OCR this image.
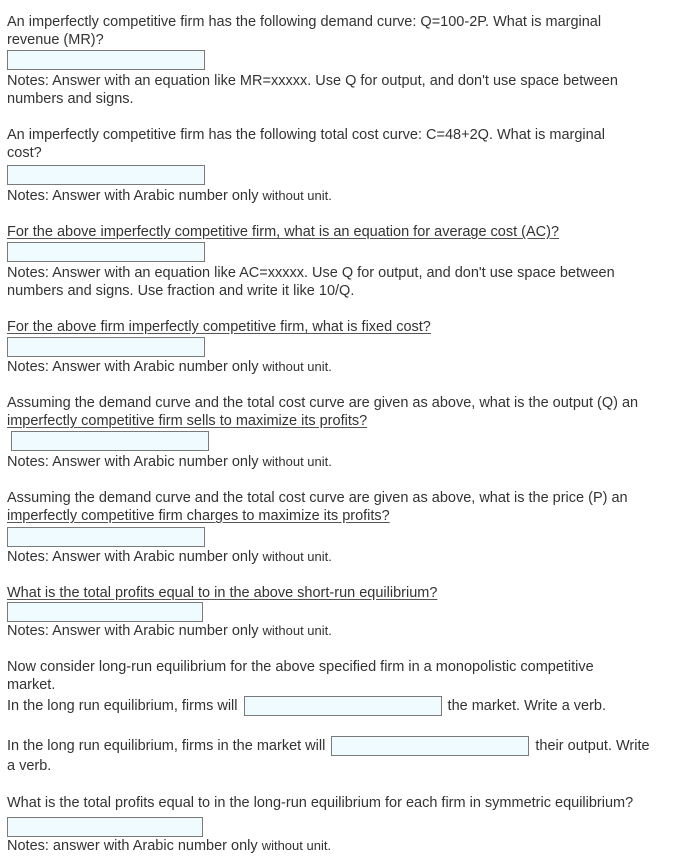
An imperfectly competitive firm has the following demand curve: Q=100-2P. What is marginal
revenue (MR)?

Notes: Answer with an equation like MR=xxxxx. Use Q for output, and don't use space between
numbers and signs.

An imperfectly competitive firm has the following total cost curve: C=48+2Q. What is marginal
cost?

Notes: Answer with Arabic number only without unit.

For the above imperfectly competitive firm, what is an equation for average cost (AC)?

Notes: Answer with an equation like AC=xxxxx. Use Q for output, and don't use space between
numbers and signs. Use fraction and write it like 10/Q.

For the above firm imperfectly competitive firm, what is fixed cost?

Notes: Answer with Arabic number only without unit.

Assuming the demand curve and the total cost curve are given as above, what is the output (Q) an
imperfectly competitive firm sells to maximize its profits?

Notes: Answer with Arabic number only without unit.

Assuming the demand curve and the total cost curve are given as above, what is the price (P) an
imperfectly competitive firm charges to maximize its profits?

Notes: Answer with Arabic number only without unit.

What is the total profits equal to in the above short-run equilibrium?

Notes: Answer with Arabic number only without unit.

Now consider long-run equilibrium for the above specified firm in a monopolistic competitive
market.

In the long run equilibrium, firms will	the market. Write a verb.

In the long run equilibrium, firms in the market will	their output. Write
a verb.

What is the total profits equal to in the long-run equilibrium for each firm in symmetric equilibrium?

Notes: answer with Arabic number only without unit.
